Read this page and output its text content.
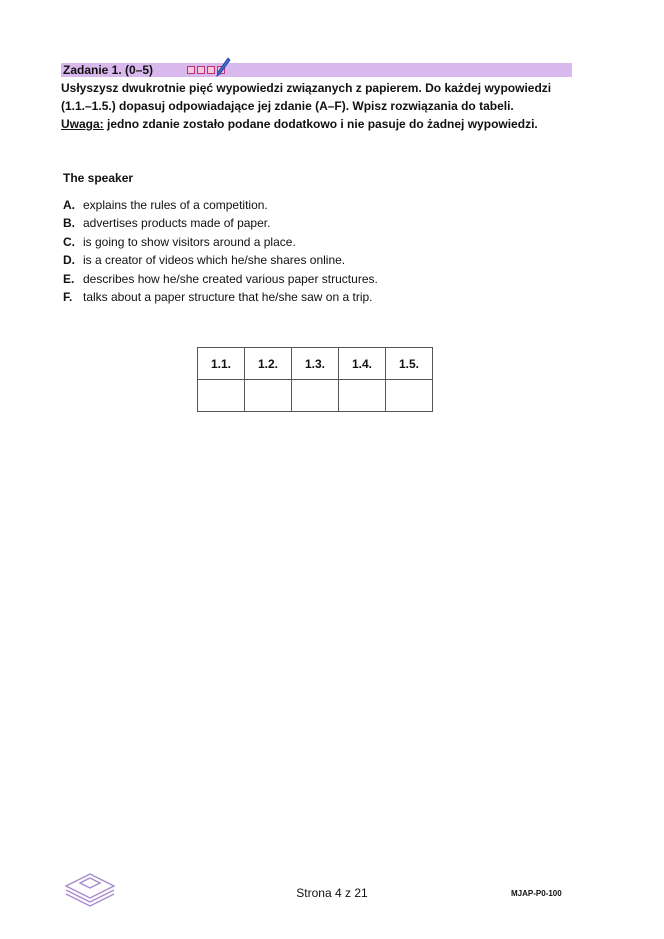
Zadanie 1. (0–5)
Usłyszysz dwukrotnie pięć wypowiedzi związanych z papierem. Do każdej wypowiedzi (1.1.–1.5.) dopasuj odpowiadające jej zdanie (A–F). Wpisz rozwiązania do tabeli.
Uwaga: jedno zdanie zostało podane dodatkowo i nie pasuje do żadnej wypowiedzi.
The speaker
A. explains the rules of a competition.
B. advertises products made of paper.
C. is going to show visitors around a place.
D. is a creator of videos which he/she shares online.
E. describes how he/she created various paper structures.
F. talks about a paper structure that he/she saw on a trip.
1.1.	1.2.	1.3.	1.4.	1.5.

Strona 4 z 21	MJAP-P0-100
